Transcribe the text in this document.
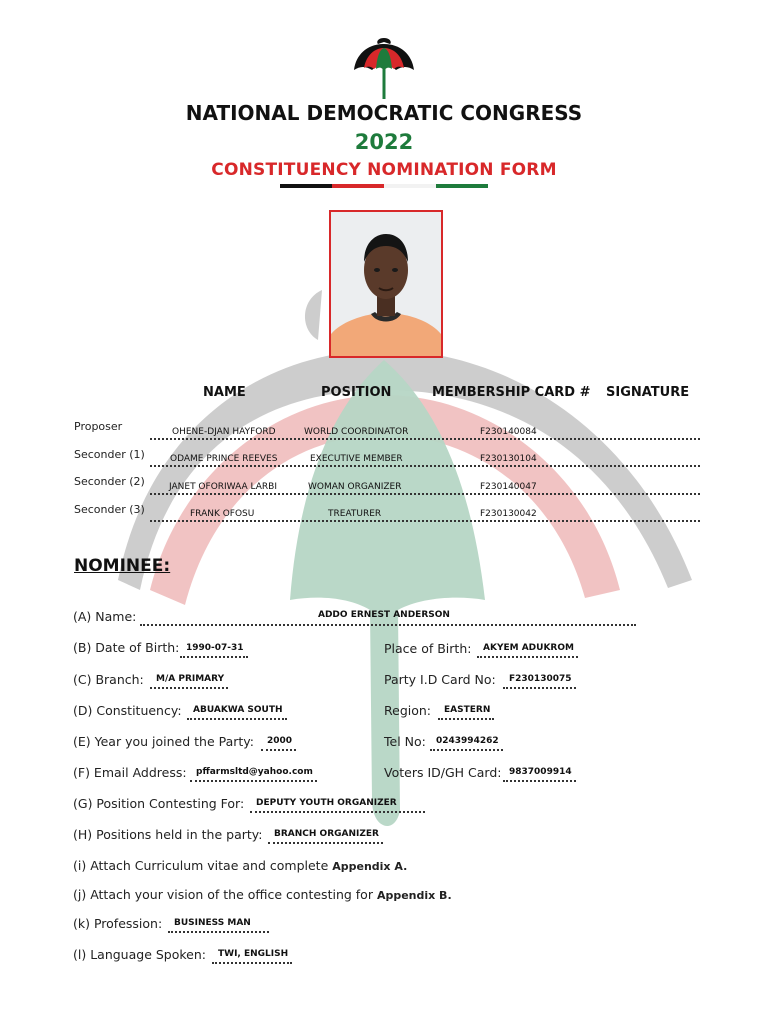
NATIONAL DEMOCRATIC CONGRESS
2022
CONSTITUENCY NOMINATION FORM
NAME	POSITION	MEMBERSHIP CARD # SIGNATURE
Proposer	OHENE-DJAN HAYFORD	WORLD COORDINATOR	F230140084
Seconder (1)	ODAME PRINCE REEVES	EXECUTIVE MEMBER	F230130104
Seconder (2)	JANET OFORIWAA LARBI	WOMAN ORGANIZER	F230140047
Seconder (3)	FRANK OFOSU	TREATURER	F230130042
NOMINEE:
(A) Name:	ADDO ERNEST ANDERSON
(B) Date of Birth: 1990-07-31	Place of Birth:	AKYEM ADUKROM
(C) Branch:	M/A PRIMARY	Party I.D Card No:	F230130075
(D) Constituency:	ABUAKWA SOUTH	Region:	EASTERN
(E) Year you joined the Party:	2000	Tel No:	0243994262
(F) Email Address:	pffarmsltd@yahoo.com	Voters ID/GH Card: 9837009914
(G) Position Contesting For:	DEPUTY YOUTH ORGANIZER
(H) Positions held in the party:	BRANCH ORGANIZER
(i) Attach Curriculum vitae and complete Appendix A.
(j) Attach your vision of the office contesting for Appendix B.
(k) Profession:	BUSINESS MAN
(l) Language Spoken:	TWI, ENGLISH
